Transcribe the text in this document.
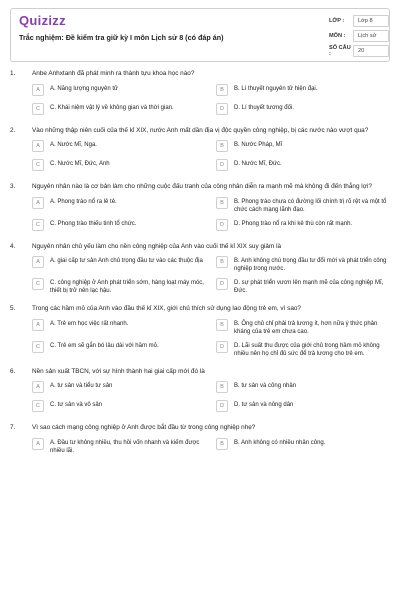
Quizizz
Trắc nghiệm: Đề kiểm tra giữ kỳ I môn Lịch sử 8 (có đáp án)
LỚP :	Lớp 8
MÔN :	Lịch sử
SỐ CÂU :	20
1.	Anbe Anhxtanh đã phát minh ra thành tựu khoa học nào?
A	A. Năng lượng nguyên tử	B	B. Lí thuyết nguyên tử hiện đại.
C	C. Khái niệm vật lý về không gian và thời gian.	D	D. Lí thuyết tương đối.
2.	Vào những thập niên cuối của thế kỉ XIX, nước Anh mất dần địa vị độc quyền công nghiệp, bị các nước nào vượt qua?
A	A. Nước Mĩ, Nga.	B	B. Nước Pháp, Mĩ
C	C. Nước Mĩ, Đức, Anh	D	D. Nước Mĩ, Đức.
3.	Nguyên nhân nào là cơ bản làm cho những cuộc đấu tranh của công nhân diễn ra mạnh mẽ mà không đi đến thắng lợi?
A	A. Phong trào nổ ra lẻ tẻ.	B	B. Phong trào chưa có đường lối chính trị rõ rệt và một tổ chức cách mạng lãnh đạo.
C	C. Phong trào thiếu tinh tổ chức.	D	D. Phong trào nổ ra khi kẻ thù còn rất mạnh.
4.	Nguyên nhân chủ yếu làm cho nền công nghiệp của Anh vào cuối thế kỉ XIX suy giảm là
A	A. giai cấp tư sản Anh chủ trọng đầu tư vào các thuộc địa	B	B. Anh không chú trọng đầu tư đổi mới và phát triển công nghiệp trong nước.
C	C. công nghiệp ở Anh phát triển sớm, hàng loạt máy móc, thiết bị trở nên lạc hậu.
D	D. sự phát triển vươn lên mạnh mẽ của công nghiệp Mĩ, Đức.
5.	Trong các hầm mỏ của Anh vào đầu thế kỉ XIX, giới chủ thích sử dụng lao động trẻ em, vì sao?
A	A. Trẻ em học việc rất nhanh.	B	B. Ông chủ chỉ phải trả lương ít, hơn nữa ý thức phản kháng của trẻ em chưa cao.
C	C. Trẻ em sẽ gắn bó lâu dài với hầm mỏ.	D	D. Lãi suất thu được của giới chủ trong hầm mỏ không nhiều nên họ chỉ đủ sức để trả lương cho trẻ em.
6.	Nền sản xuất TBCN, với sự hình thành hai giai cấp mới đó là
A	A. tư sản và tiểu tư sản	B	B. tư sản và công nhân
C	C. tư sản và vô sản	D	D. tư sản và nông dân
7.	Vì sao cách mạng công nghiệp ở Anh được bắt đầu từ trong công nghiệp nhẹ?
A	A. Đầu tư không nhiều, thu hồi vốn nhanh và kiếm được nhiều lãi.
B	B. Anh không có nhiều nhân công.
